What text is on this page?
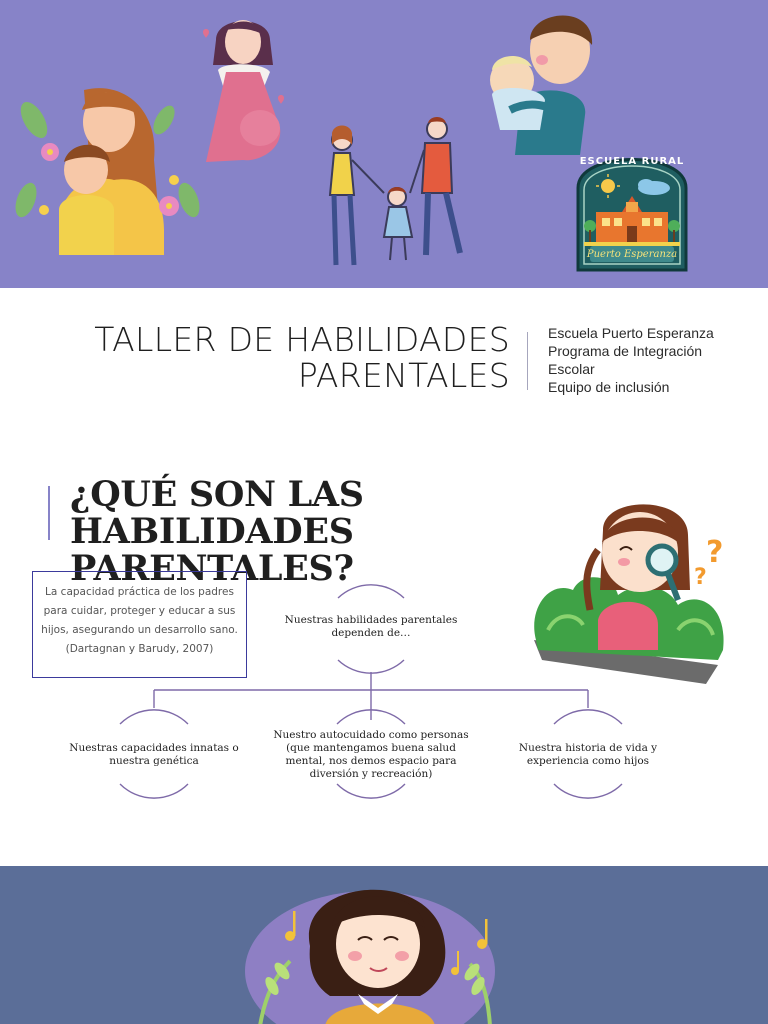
ESCUELA RURAL
Puerto Esperanza
TALLER DE HABILIDADES
PARENTALES
Escuela Puerto Esperanza
Programa de Integración
Escolar
Equipo de inclusión
¿QUÉ SON LAS HABILIDADES
PARENTALES?	?
?
La capacidad práctica de los padres
para cuidar, proteger y educar a sus
hijos, asegurando un desarrollo sano.
(Dartagnan y Barudy, 2007)
Nuestras habilidades parentales
dependen de…
Nuestras capacidades innatas o
nuestra genética
Nuestro autocuidado como personas
(que mantengamos buena salud
mental, nos demos espacio para
diversión y recreación)
Nuestra historia de vida y
experiencia como hijos
